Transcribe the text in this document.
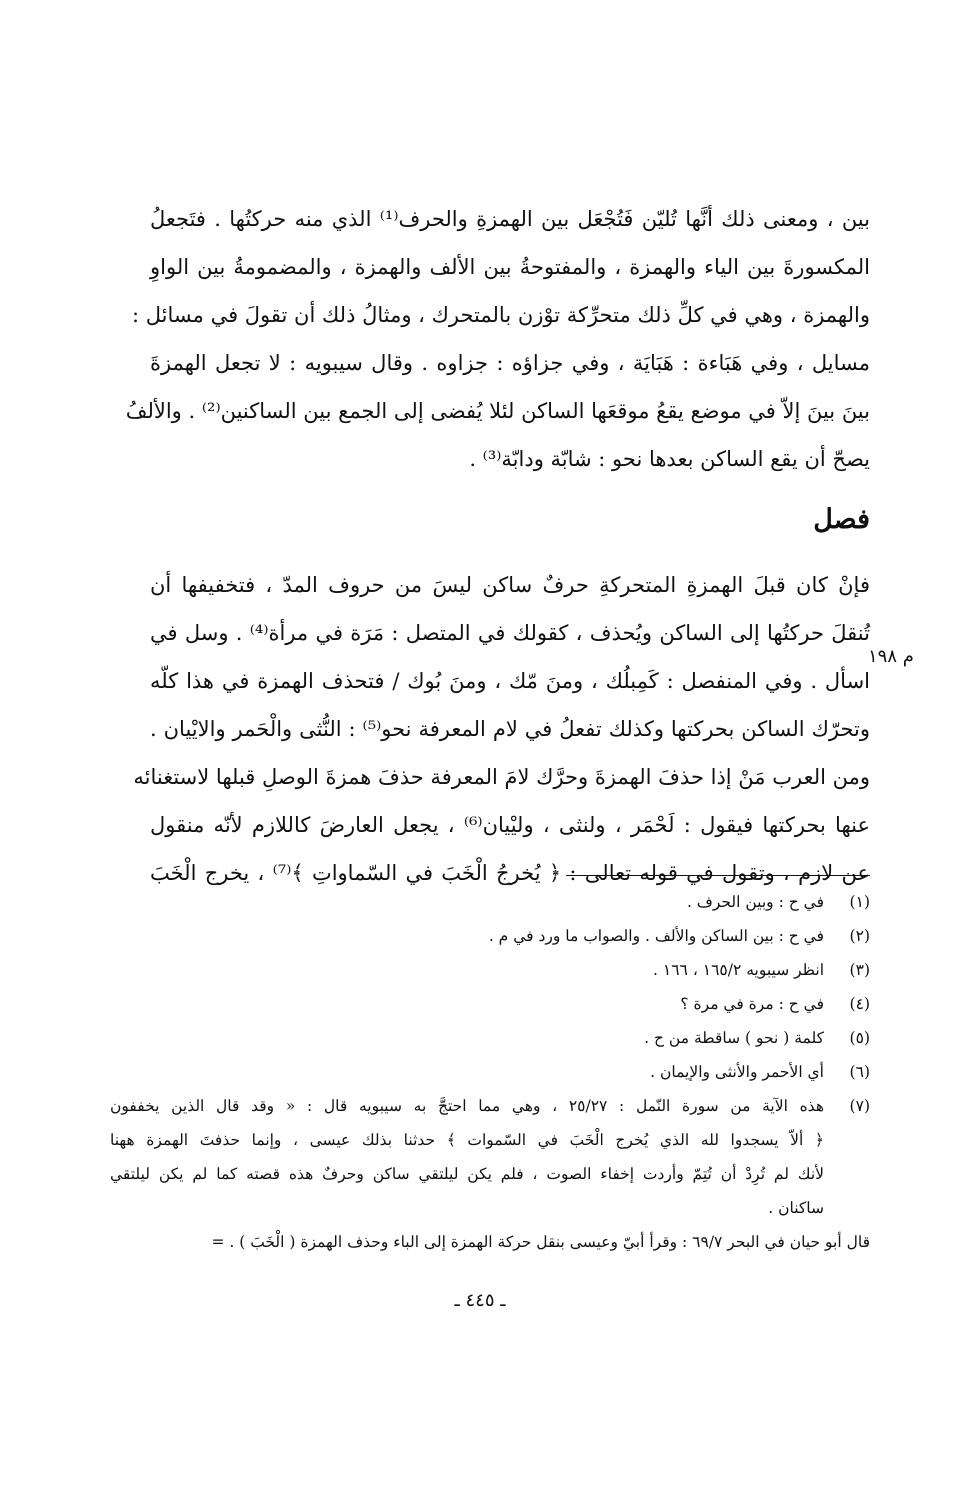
بين ، ومعنى ذلك أنَّها تُليّن فَتُجْعَل بين الهمزةِ والحرف⁽¹⁾ الذي منه حركتُها . فتَجعلُ
المكسورةَ بين الياء والهمزة ، والمفتوحةُ بين الألف والهمزة ، والمضمومةُ بين الواوِ
والهمزة ، وهي في كلِّ ذلك متحرِّكة توْزن بالمتحرك ، ومثالُ ذلك أن تقولَ في مسائل :
مسايل ، وفي هَبَاءة : هَبَايَة ، وفي جزاؤه : جزاوه . وقال سيبويه : لا تجعل الهمزةَ
بينَ بينَ إلاّ في موضع يقعُ موقعَها الساكن لئلا يُفضى إلى الجمع بين الساكنين⁽²⁾ . والألفُ
يصحّ أن يقع الساكن بعدها نحو : شابّة ودابّة⁽³⁾ .
فصل
فإنْ كان قبلَ الهمزةِ المتحركةِ حرفٌ ساكن ليسَ من حروف المدّ ، فتخفيفها أن
تُنقلَ حركتُها إلى الساكن ويُحذف ، كقولك في المتصل : مَرَة في مرأة⁽⁴⁾ . وسل في
اسأل . وفي المنفصل : كَمِبلُك ، ومنَ مّك ، ومنَ بُوك / فتحذف الهمزة في هذا كلّه
وتحرّك الساكن بحركتها وكذلك تفعلُ في لام المعرفة نحو⁽⁵⁾ : النُّثى والْحَمر والايْيان .
ومن العرب مَنْ إذا حذفَ الهمزةَ وحرَّك لامَ المعرفة حذفَ همزةَ الوصلِ قبلها لاستغنائه
عنها بحركتها فيقول : لَحْمَر ، ولنثى ، وليْيان⁽⁶⁾ ، يجعل العارضَ كاللازم لأنّه منقول
عن لازم ، وتقول في قوله تعالى : ﴿ يُخرجُ الْخَبَ في السّماواتِ ﴾⁽⁷⁾ ، يخرج الْخَبَ
م ١٩٨
(١)
في ح : وبين الحرف .
(٢)
في ح : بين الساكن والألف . والصواب ما ورد في م .
(٣)
انظر سيبويه ١٦٥/٢ ، ١٦٦ .
(٤)
في ح : مرة في مرة ؟
(٥)
كلمة ( نحو ) ساقطة من ح .
(٦)
أي الأحمر والأنثى والإيمان .
(٧)
هذه الآية من سورة النّمل : ٢٥/٢٧ ، وهي مما احتجَّ به سيبويه قال : « وقد قال الذين يخففون
﴿ ألاّ يسجدوا لله الذي يُخرج الْخَبَ في السّموات ﴾ حدثنا بذلك عيسى ، وإنما حذفتَ الهمزة ههنا
لأنك لم تُرِدْ أن تُتِمّ وأردت إخفاء الصوت ، فلم يكن ليلتقي ساكن وحرفٌ هذه قصته كما لم يكن ليلتقي
ساكنان .
قال أبو حيان في البحر ٦٩/٧ : وقرأ أبيّ وعيسى بنقل حركة الهمزة إلى الباء وحذف الهمزة ( الْخَبَ ) . =
ـ ٤٤٥ ـ
